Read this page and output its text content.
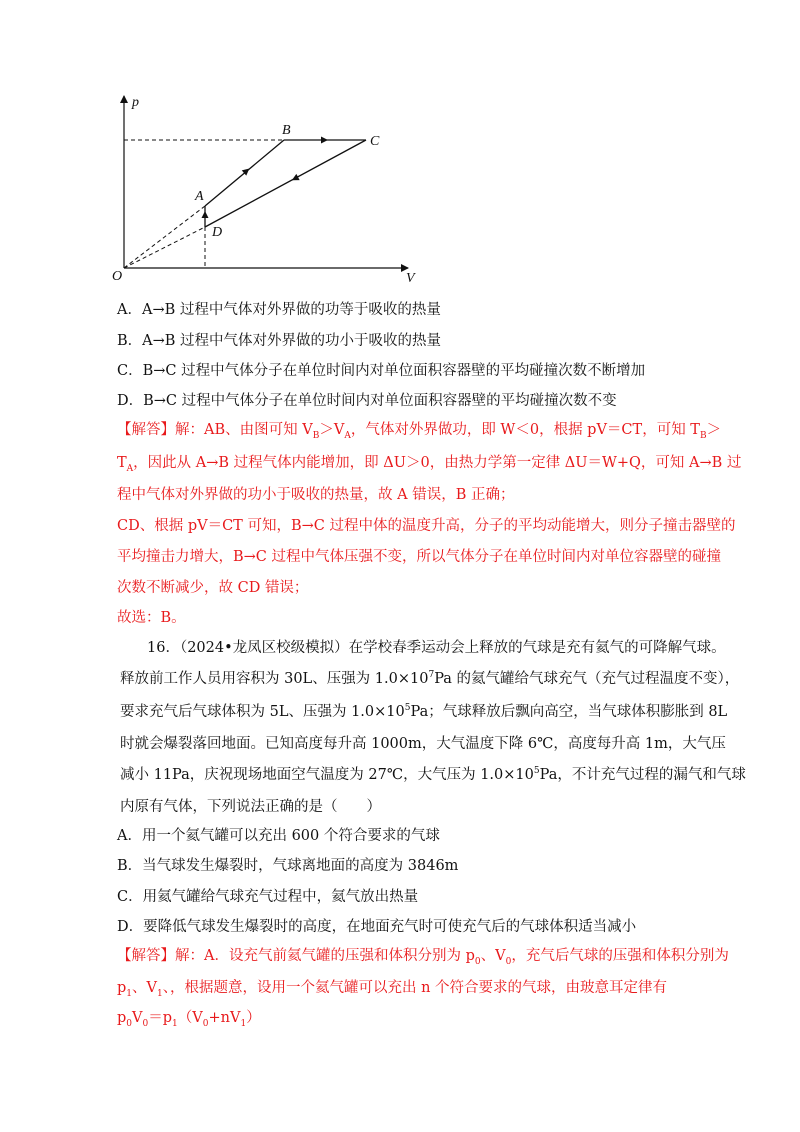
p
V
O
A
B
C
D
A．A→B 过程中气体对外界做的功等于吸收的热量
B．A→B 过程中气体对外界做的功小于吸收的热量
C．B→C 过程中气体分子在单位时间内对单位面积容器壁的平均碰撞次数不断增加
D．B→C 过程中气体分子在单位时间内对单位面积容器壁的平均碰撞次数不变
【解答】解：AB、由图可知 $V_B>V_A$，气体对外界做功，即 W＜0，根据 pV＝CT，可知 $T_B>$
$T_A$，因此从 A→B 过程气体内能增加，即 ΔU＞0，由热力学第一定律 ΔU＝W+Q，可知 A→B 过
程中气体对外界做的功小于吸收的热量，故 A 错误，B 正确；
CD、根据 pV＝CT 可知，B→C 过程中体的温度升高，分子的平均动能增大，则分子撞击器壁的
平均撞击力增大，B→C 过程中气体压强不变，所以气体分子在单位时间内对单位容器壁的碰撞
次数不断减少，故 CD 错误；
故选：B。
16．（2024•龙凤区校级模拟）在学校春季运动会上释放的气球是充有氦气的可降解气球。
释放前工作人员用容积为 30L、压强为 $1.0\times 10^7Pa$ 的氦气罐给气球充气（充气过程温度不变），
要求充气后气球体积为 5L、压强为 $1.0\times 10^5Pa$；气球释放后飘向高空，当气球体积膨胀到 8L
时就会爆裂落回地面。已知高度每升高 1000m，大气温度下降 6℃，高度每升高 1m，大气压
减小 11Pa，庆祝现场地面空气温度为 27℃，大气压为 $1.0\times 10^5Pa$，不计充气过程的漏气和气球
内原有气体，下列说法正确的是（　　）
A．用一个氦气罐可以充出 600 个符合要求的气球
B．当气球发生爆裂时，气球离地面的高度为 3846m
C．用氦气罐给气球充气过程中，氦气放出热量
D．要降低气球发生爆裂时的高度，在地面充气时可使充气后的气球体积适当减小
【解答】解：A．设充气前氦气罐的压强和体积分别为 $p_0$、$V_0$，充气后气球的压强和体积分别为
$p_1$、$V_1$、，根据题意，设用一个氦气罐可以充出 n 个符合要求的气球，由玻意耳定律有
$p_0V_0=p_1(V_0+nV_1)$
